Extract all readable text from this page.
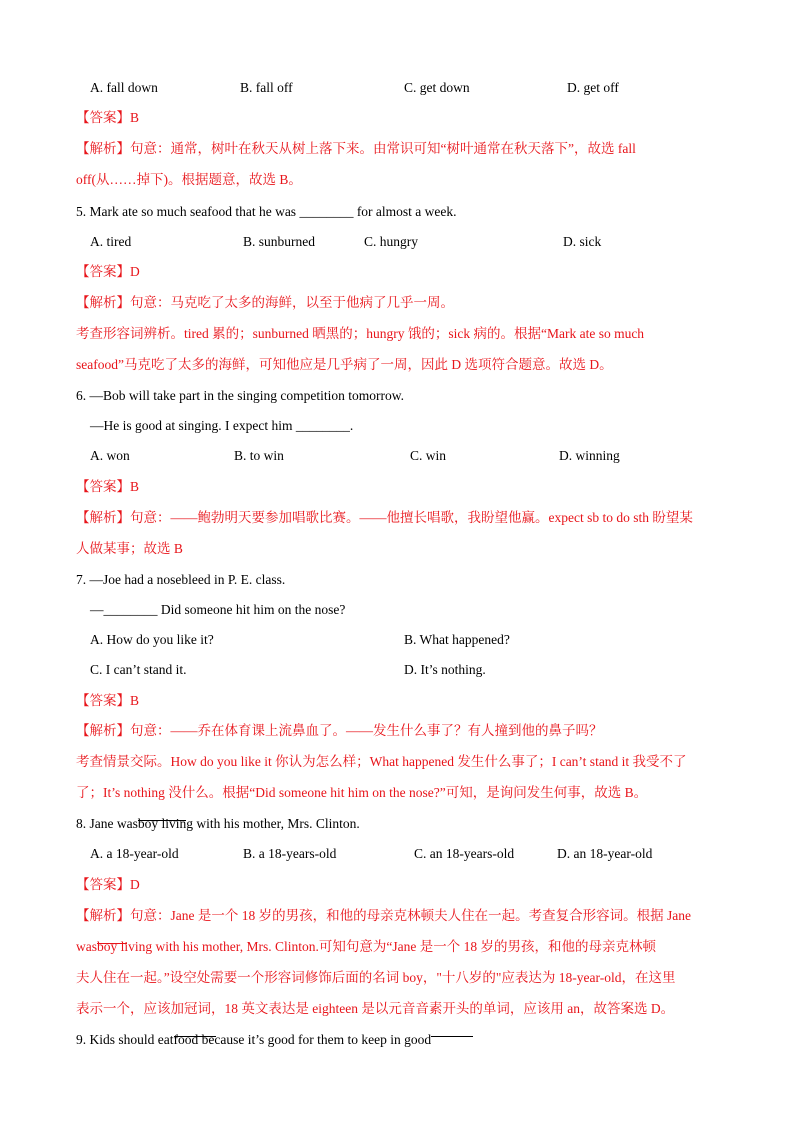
A. fall down	B. fall off	C. get down	D. get off
【答案】B
【解析】句意：通常，树叶在秋天从树上落下来。由常识可知“树叶通常在秋天落下”，故选 fall
off(从……掉下)。根据题意，故选 B。
5. Mark ate so much seafood that he was ________ for almost a week.
A. tired	B. sunburned	C. hungry	D. sick
【答案】D
【解析】句意：马克吃了太多的海鲜，以至于他病了几乎一周。
考查形容词辨析。tired 累的；sunburned 晒黑的；hungry 饿的；sick 病的。根据“Mark ate so much
seafood”马克吃了太多的海鲜，可知他应是几乎病了一周，因此 D 选项符合题意。故选 D。
6. —Bob will take part in the singing competition tomorrow.
—He is good at singing. I expect him ________.
A. won	B. to win	C. win	D. winning
【答案】B
【解析】句意：——鲍勃明天要参加唱歌比赛。——他擅长唱歌，我盼望他赢。expect sb to do sth 盼望某
人做某事；故选 B
7. —Joe had a nosebleed in P. E. class.
—________ Did someone hit him on the nose?
A. How do you like it?	B. What happened?
C. I can’t stand it.	D. It’s nothing.
【答案】B
【解析】句意：——乔在体育课上流鼻血了。——发生什么事了？有人撞到他的鼻子吗？
考查情景交际。How do you like it 你认为怎么样；What happened 发生什么事了；I can’t stand it 我受不了
了；It’s nothing 没什么。根据“Did someone hit him on the nose?”可知，是询问发生何事，故选 B。
8. Jane was
boy living with his mother, Mrs. Clinton.
A. a 18-year-old	B. a 18-years-old	C. an 18-years-old	D. an 18-year-old
【答案】D
【解析】句意：Jane 是一个 18 岁的男孩，和他的母亲克林顿夫人住在一起。考查复合形容词。根据 Jane
was
boy living with his mother, Mrs. Clinton.可知句意为“Jane 是一个 18 岁的男孩，和他的母亲克林顿
夫人住在一起。”设空处需要一个形容词修饰后面的名词 boy，"十八岁的"应表达为 18-year-old，在这里
表示一个，应该加冠词，18 英文表达是 eighteen 是以元音音素开头的单词，应该用 an，故答案选 D。
9. Kids should eat
food because it’s good for them to keep in good
